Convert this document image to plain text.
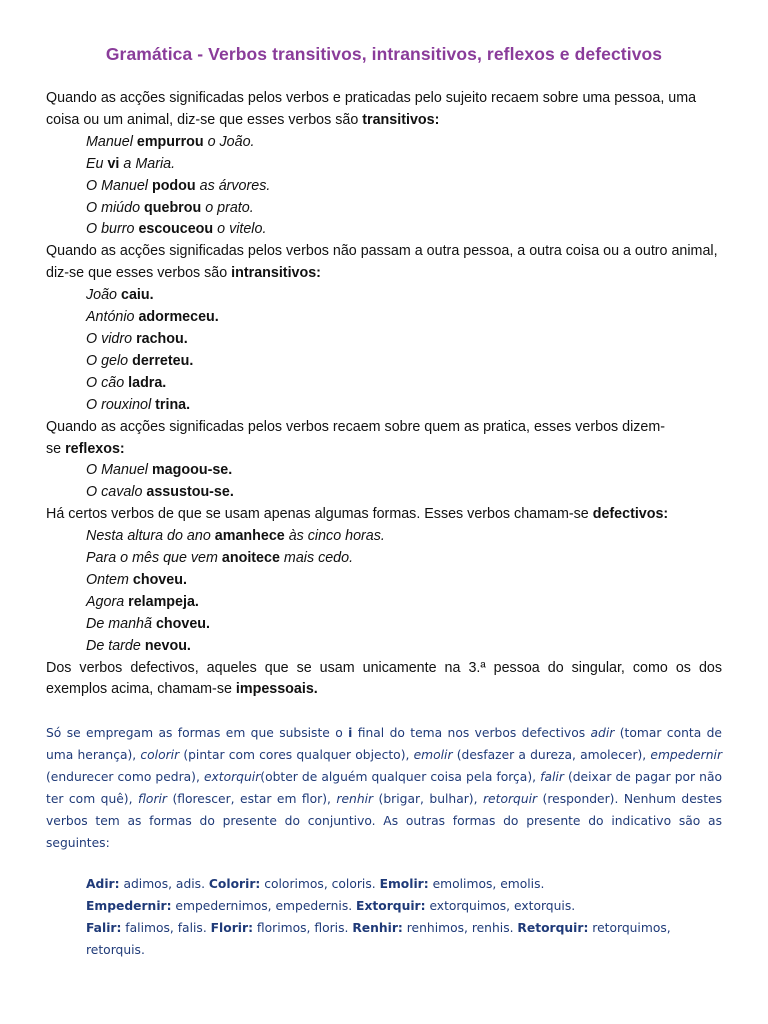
Gramática - Verbos transitivos, intransitivos, reflexos e defectivos

Quando as acções significadas pelos verbos e praticadas pelo sujeito recaem sobre uma pessoa, uma coisa ou um animal, diz-se que esses verbos são transitivos:

Manuel empurrou o João.

Eu vi a Maria.

O Manuel podou as árvores.

O miúdo quebrou o prato.

O burro escouceou o vitelo.

Quando as acções significadas pelos verbos não passam a outra pessoa, a outra coisa ou a outro animal, diz-se que esses verbos são intransitivos:

João caiu.

António adormeceu.

O vidro rachou.

O gelo derreteu.

O cão ladra.

O rouxinol trina.

Quando as acções significadas pelos verbos recaem sobre quem as pratica, esses verbos dizem-
se reflexos:

O Manuel magoou-se.

O cavalo assustou-se.

Há certos verbos de que se usam apenas algumas formas. Esses verbos chamam-se defectivos:

Nesta altura do ano amanhece às cinco horas.

Para o mês que vem anoitece mais cedo.

Ontem choveu.

Agora relampeja.

De manhã choveu.

De tarde nevou.

Dos verbos defectivos, aqueles que se usam unicamente na 3.ª pessoa do singular, como os dos exemplos acima, chamam-se impessoais.

Só se empregam as formas em que subsiste o i final do tema nos verbos defectivos adir (tomar conta de uma herança), colorir (pintar com cores qualquer objecto), emolir (desfazer a dureza, amolecer), empedernir (endurecer como pedra), extorquir(obter de alguém qualquer coisa pela força), falir (deixar de pagar por não ter com quê), florir (florescer, estar em flor), renhir (brigar, bulhar), retorquir (responder). Nenhum destes verbos tem as formas do presente do conjuntivo. As outras formas do presente do indicativo são as seguintes:

Adir: adimos, adis. Colorir: colorimos, coloris. Emolir: emolimos, emolis.
Empedernir: empedernimos, empedernis. Extorquir: extorquimos, extorquis.
Falir: falimos, falis. Florir: florimos, floris. Renhir: renhimos, renhis. Retorquir: retorquimos, retorquis.
